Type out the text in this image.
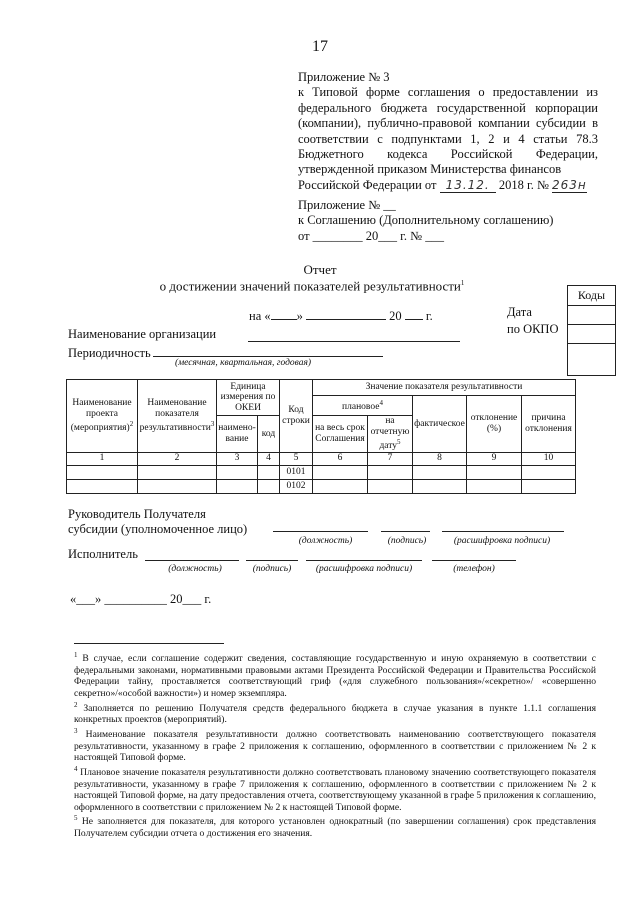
17
Приложение № 3
к Типовой форме соглашения о предоставлении из федерального бюджета государственной корпорации (компании), публично-правовой компании субсидии в соответствии с подпунктами 1, 2 и 4 статьи 78.3 Бюджетного кодекса Российской Федерации, утвержденной приказом Министерства финансов
Российской Федерации от 13.12. 2018 г. № 263н
Приложение № __
к Соглашению (Дополнительному соглашению)
от ________ 20___ г. № ___
Отчет
о достижении значений показателей результативности$^1$
Коды

Дата
по ОКПО
на « »	20 г.
Наименование организации
Периодичность
(месячная, квартальная, годовая)
Наименование проекта (мероприятия)$^2$	Наименование показателя результативности$^3$	Единица измерения по ОКЕИ		Код строки	Значение показателя результативности				
					плановое$^4$		фактическое	отклонение (%)	причина отклонения
		наимено-вание	код		на весь срок Соглашения	на отчетную дату$^5$
1	2	3	4	5	6	7	8	9	10
				0101					
				0102					
Руководитель Получателя
субсидии (уполномоченное лицо)
(должность)	(подпись)	(расшифровка подписи)
Исполнитель
(должность)	(подпись)	(расшифровка подписи)	(телефон)
«___» __________ 20___ г.

$^1$ В случае, если соглашение содержит сведения, составляющие государственную и иную охраняемую в соответствии с федеральными законами, нормативными правовыми актами Президента Российской Федерации и Правительства Российской Федерации тайну, проставляется соответствующий гриф («для служебного пользования»/«секретно»/ «совершенно секретно»/«особой важности») и номер экземпляра.

$^2$ Заполняется по решению Получателя средств федерального бюджета в случае указания в пункте 1.1.1 соглашения конкретных проектов (мероприятий).

$^3$ Наименование показателя результативности должно соответствовать наименованию соответствующего показателя результативности, указанному в графе 2 приложения к соглашению, оформленного в соответствии с приложением № 2 к настоящей Типовой форме.

$^4$ Плановое значение показателя результативности должно соответствовать плановому значению соответствующего показателя результативности, указанному в графе 7 приложения к соглашению, оформленного в соответствии с приложением № 2 к настоящей Типовой форме, на дату предоставления отчета, соответствующему указанной в графе 5 приложения к соглашению, оформленного в соответствии с приложением № 2 к настоящей Типовой форме.

$^5$ Не заполняется для показателя, для которого установлен однократный (по завершении соглашения) срок представления Получателем субсидии отчета о достижения его значения.
